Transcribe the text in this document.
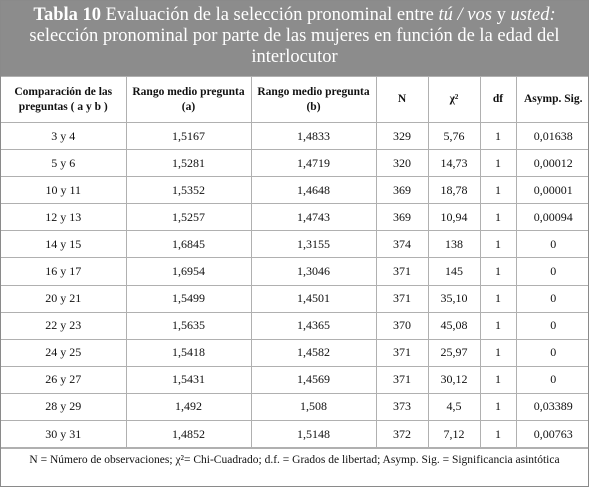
Tabla 10 Evaluación de la selección pronominal entre tú / vos y usted: selección pronominal por parte de las mujeres en función de la edad del interlocutor
Comparación de las preguntas ( a y b )	Rango medio pregunta (a)	Rango medio pregunta (b)	N	χ²	df	Asymp. Sig.
3 y 4	1,5167	1,4833	329	5,76	1	0,01638
5 y 6	1,5281	1,4719	320	14,73	1	0,00012
10 y 11	1,5352	1,4648	369	18,78	1	0,00001
12 y 13	1,5257	1,4743	369	10,94	1	0,00094
14 y 15	1,6845	1,3155	374	138	1	0
16 y 17	1,6954	1,3046	371	145	1	0
20 y 21	1,5499	1,4501	371	35,10	1	0
22 y 23	1,5635	1,4365	370	45,08	1	0
24 y 25	1,5418	1,4582	371	25,97	1	0
26 y 27	1,5431	1,4569	371	30,12	1	0
28 y 29	1,492	1,508	373	4,5	1	0,03389
30 y 31	1,4852	1,5148	372	7,12	1	0,00763
N = Número de observaciones; χ²= Chi-Cuadrado; d.f. = Grados de libertad; Asymp. Sig. = Significancia asintótica
